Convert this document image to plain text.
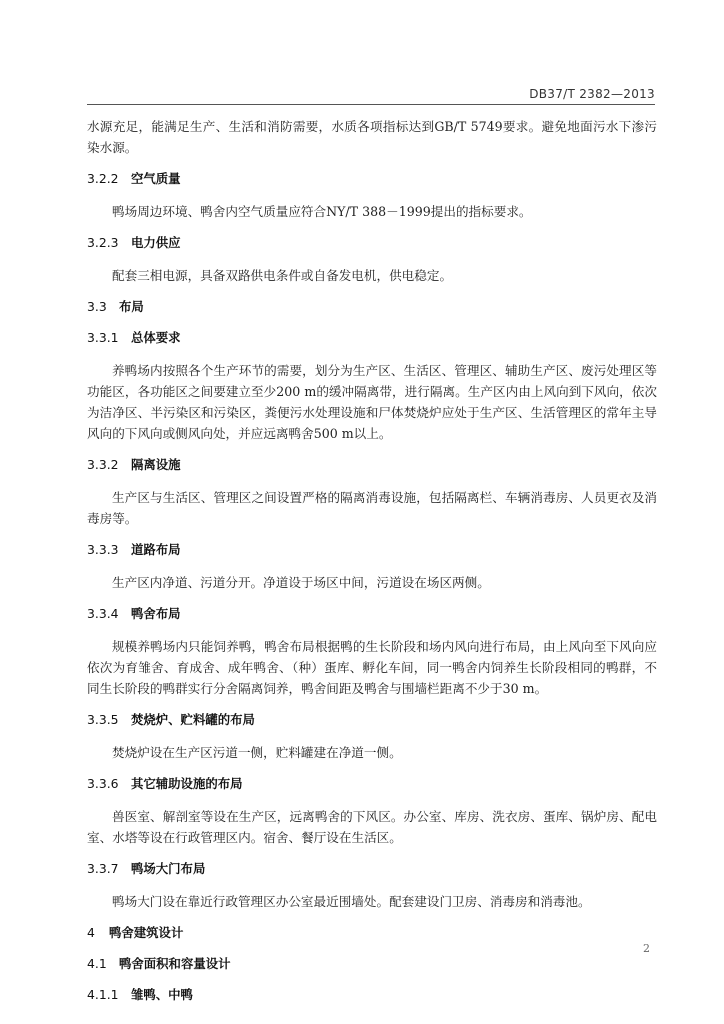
DB37/T 2382—2013

水源充足，能满足生产、生活和消防需要，水质各项指标达到GB/T 5749要求。避免地面污水下渗污染水源。

3.2.2 空气质量

鸭场周边环境、鸭舍内空气质量应符合NY/T 388－1999提出的指标要求。

3.2.3 电力供应

配套三相电源，具备双路供电条件或自备发电机，供电稳定。

3.3 布局
3.3.1 总体要求

养鸭场内按照各个生产环节的需要，划分为生产区、生活区、管理区、辅助生产区、废污处理区等功能区，各功能区之间要建立至少200 m的缓冲隔离带，进行隔离。生产区内由上风向到下风向，依次为洁净区、半污染区和污染区，粪便污水处理设施和尸体焚烧炉应处于生产区、生活管理区的常年主导风向的下风向或侧风向处，并应远离鸭舍500 m以上。

3.3.2 隔离设施

生产区与生活区、管理区之间设置严格的隔离消毒设施，包括隔离栏、车辆消毒房、人员更衣及消毒房等。

3.3.3 道路布局

生产区内净道、污道分开。净道设于场区中间，污道设在场区两侧。

3.3.4 鸭舍布局

规模养鸭场内只能饲养鸭，鸭舍布局根据鸭的生长阶段和场内风向进行布局，由上风向至下风向应依次为育雏舍、育成舍、成年鸭舍、（种）蛋库、孵化车间，同一鸭舍内饲养生长阶段相同的鸭群，不同生长阶段的鸭群实行分舍隔离饲养，鸭舍间距及鸭舍与围墙栏距离不少于30 m。

3.3.5 焚烧炉、贮料罐的布局

焚烧炉设在生产区污道一侧，贮料罐建在净道一侧。

3.3.6 其它辅助设施的布局

兽医室、解剖室等设在生产区，远离鸭舍的下风区。办公室、库房、洗衣房、蛋库、锅炉房、配电室、水塔等设在行政管理区内。宿舍、餐厅设在生活区。

3.3.7 鸭场大门布局

鸭场大门设在靠近行政管理区办公室最近围墙处。配套建设门卫房、消毒房和消毒池。

4 鸭舍建筑设计
4.1 鸭舍面积和容量设计
4.1.1 雏鸭、中鸭
2
